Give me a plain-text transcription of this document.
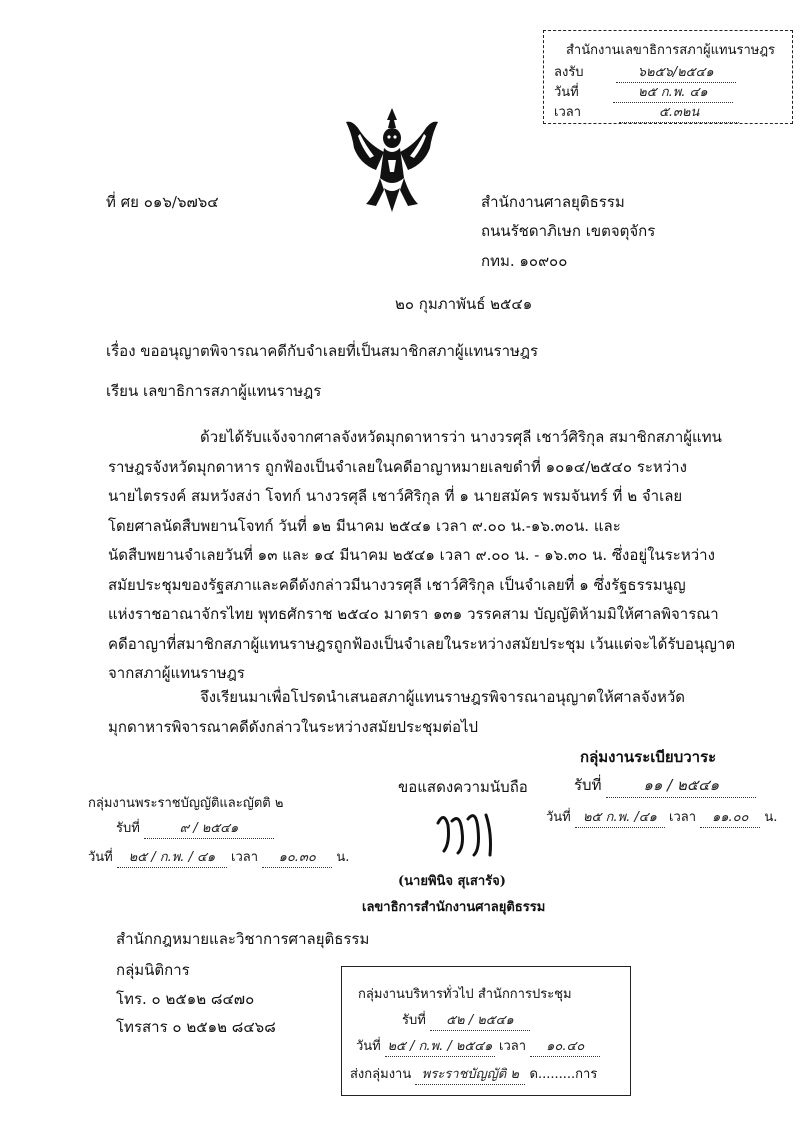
สำนักงานเลขาธิการสภาผู้แทนราษฎร
ลงรับ	๖๒๕๖/๒๕๔๑
วันที่	๒๕ ก.พ. ๔๑
เวลา	๕.๓๒น
ที่ ศย ๐๑๖/๖๗๖๔	สำนักงานศาลยุติธรรม
ถนนรัชดาภิเษก เขตจตุจักร
กทม. ๑๐๙๐๐
๒๐ กุมภาพันธ์ ๒๕๔๑
เรื่อง ขออนุญาตพิจารณาคดีกับจำเลยที่เป็นสมาชิกสภาผู้แทนราษฎร
เรียน เลขาธิการสภาผู้แทนราษฎร
ด้วยได้รับแจ้งจากศาลจังหวัดมุกดาหารว่า นางวรศุลี เชาว์ศิริกุล สมาชิกสภาผู้แทน
ราษฎรจังหวัดมุกดาหาร ถูกฟ้องเป็นจำเลยในคดีอาญาหมายเลขดำที่ ๑๐๑๔/๒๕๔๐ ระหว่าง
นายไตรรงค์ สมหวังสง่า โจทก์ นางวรศุลี เชาว์ศิริกุล ที่ ๑ นายสมัคร พรมจันทร์ ที่ ๒ จำเลย
โดยศาลนัดสืบพยานโจทก์ วันที่ ๑๒ มีนาคม ๒๕๔๑ เวลา ๙.๐๐ น.-๑๖.๓๐น. และ
นัดสืบพยานจำเลยวันที่ ๑๓ และ ๑๔ มีนาคม ๒๕๔๑ เวลา ๙.๐๐ น. - ๑๖.๓๐ น. ซึ่งอยู่ในระหว่าง
สมัยประชุมของรัฐสภาและคดีดังกล่าวมีนางวรศุลี เชาว์ศิริกุล เป็นจำเลยที่ ๑ ซึ่งรัฐธรรมนูญ
แห่งราชอาณาจักรไทย พุทธศักราช ๒๕๔๐ มาตรา ๑๓๑ วรรคสาม บัญญัติห้ามมิให้ศาลพิจารณา
คดีอาญาที่สมาชิกสภาผู้แทนราษฎรถูกฟ้องเป็นจำเลยในระหว่างสมัยประชุม เว้นแต่จะได้รับอนุญาต
จากสภาผู้แทนราษฎร
จึงเรียนมาเพื่อโปรดนำเสนอสภาผู้แทนราษฎรพิจารณาอนุญาตให้ศาลจังหวัด
มุกดาหารพิจารณาคดีดังกล่าวในระหว่างสมัยประชุมต่อไป
กลุ่มงานระเบียบวาระ
รับที่	๑๑ / ๒๕๔๑
วันที่ ๒๕ ก.พ. /๔๑ เวลา ๑๑.๐๐ น.
ขอแสดงความนับถือ
กลุ่มงานพระราชบัญญัติและญัตติ ๒
รับที่	๙ / ๒๕๔๑
วันที่ ๒๕ / ก.พ. / ๔๑ เวลา ๑๐.๓๐ น.
(นายพินิจ สุเสารัจ)
เลขาธิการสำนักงานศาลยุติธรรม
สำนักกฎหมายและวิชาการศาลยุติธรรม
กลุ่มนิติการ
โทร. ๐ ๒๕๑๒ ๘๔๗๐
โทรสาร ๐ ๒๕๑๒ ๘๔๖๘
กลุ่มงานบริหารทั่วไป สำนักการประชุม
รับที่ ๕๒ / ๒๕๔๑
วันที่ ๒๕ / ก.พ. / ๒๕๔๑ เวลา ๑๐.๔๐
ส่งกลุ่มงาน พระราชบัญญัติ ๒ ด.........การ
